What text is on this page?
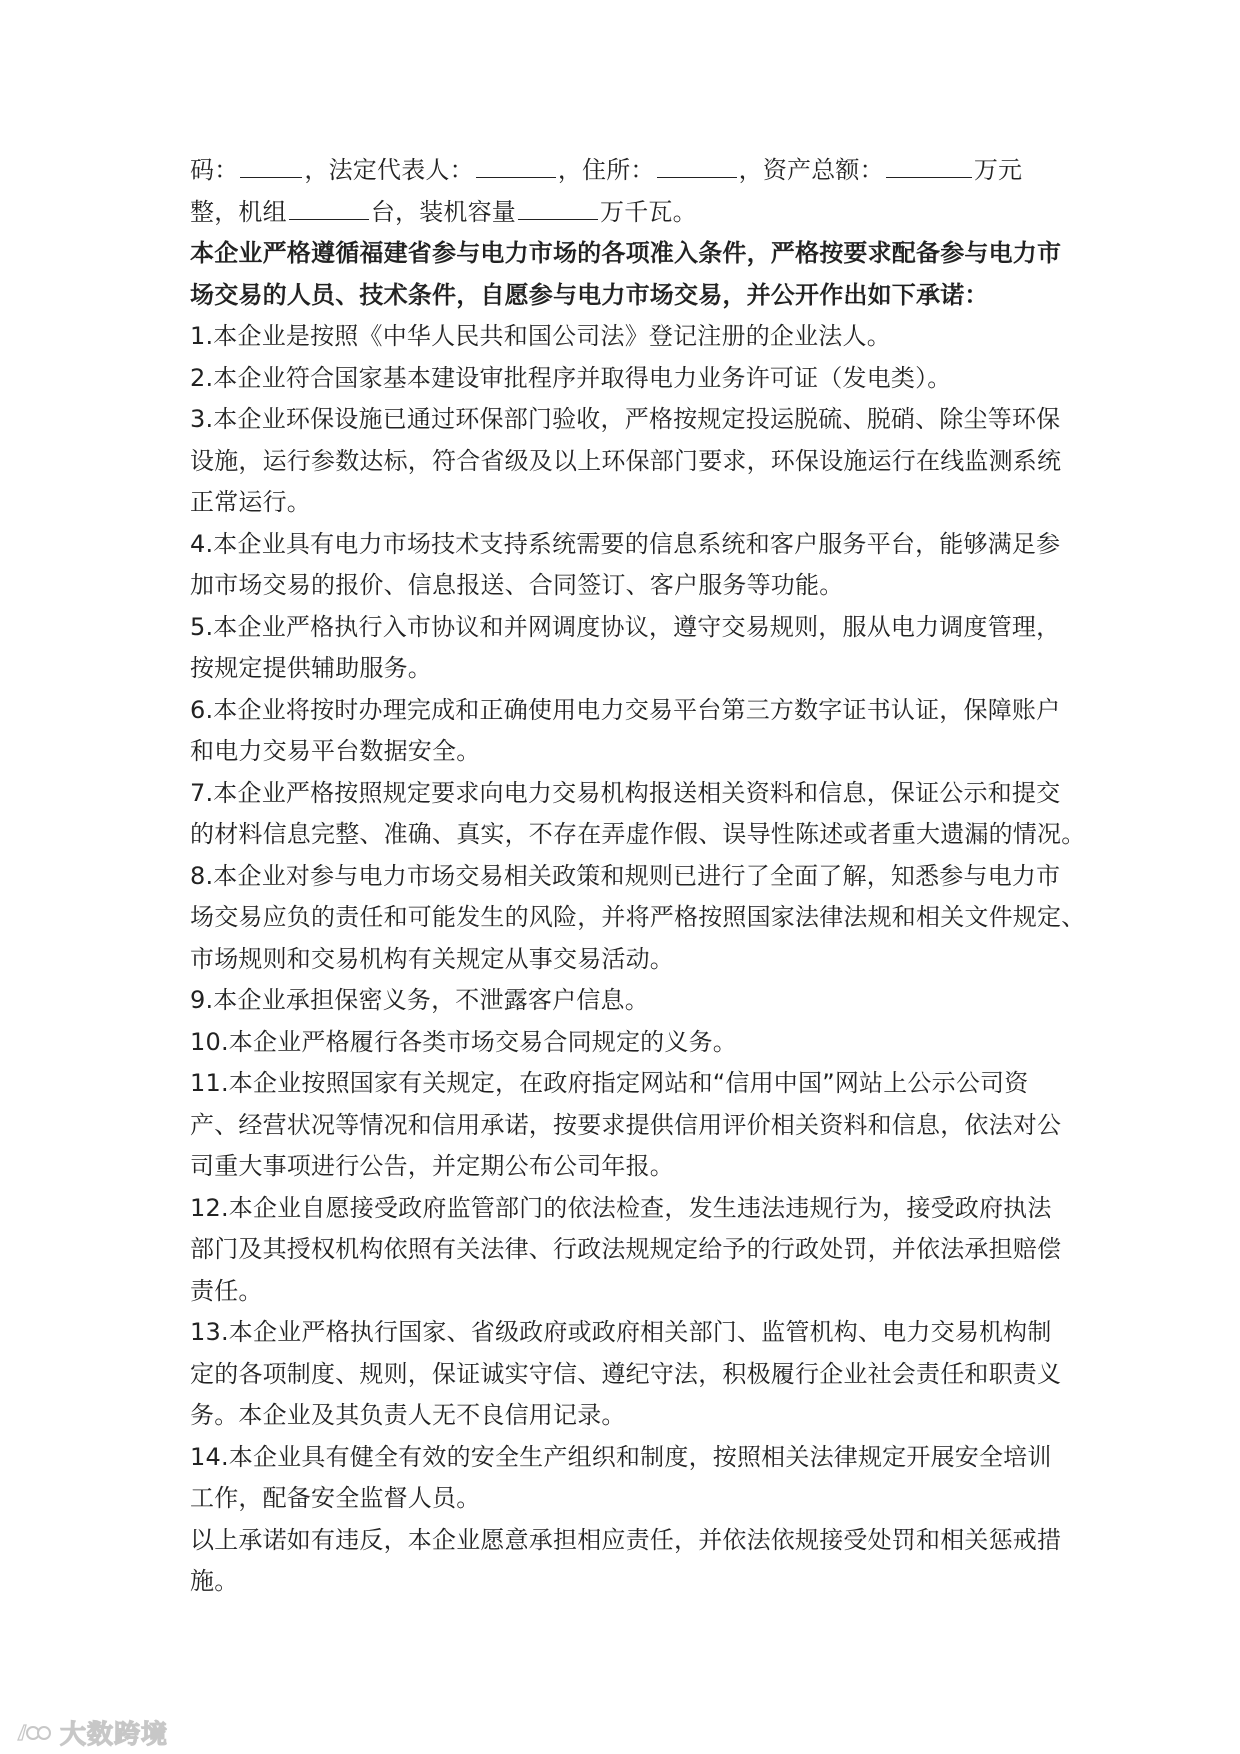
码：	，法定代表人：	，住所：	，资产总额：	万元
整，机组	台，装机容量	万千瓦。
本企业严格遵循福建省参与电力市场的各项准入条件，严格按要求配备参与电力市
场交易的人员、技术条件，自愿参与电力市场交易，并公开作出如下承诺：
1.本企业是按照《中华人民共和国公司法》登记注册的企业法人。
2.本企业符合国家基本建设审批程序并取得电力业务许可证（发电类）。
3.本企业环保设施已通过环保部门验收，严格按规定投运脱硫、脱硝、除尘等环保
设施，运行参数达标，符合省级及以上环保部门要求，环保设施运行在线监测系统
正常运行。
4.本企业具有电力市场技术支持系统需要的信息系统和客户服务平台，能够满足参
加市场交易的报价、信息报送、合同签订、客户服务等功能。
5.本企业严格执行入市协议和并网调度协议，遵守交易规则，服从电力调度管理，
按规定提供辅助服务。
6.本企业将按时办理完成和正确使用电力交易平台第三方数字证书认证，保障账户
和电力交易平台数据安全。
7.本企业严格按照规定要求向电力交易机构报送相关资料和信息，保证公示和提交
的材料信息完整、准确、真实，不存在弄虚作假、误导性陈述或者重大遗漏的情况。
8.本企业对参与电力市场交易相关政策和规则已进行了全面了解，知悉参与电力市
场交易应负的责任和可能发生的风险，并将严格按照国家法律法规和相关文件规定、
市场规则和交易机构有关规定从事交易活动。
9.本企业承担保密义务，不泄露客户信息。
10.本企业严格履行各类市场交易合同规定的义务。
11.本企业按照国家有关规定，在政府指定网站和“信用中国”网站上公示公司资
产、经营状况等情况和信用承诺，按要求提供信用评价相关资料和信息，依法对公
司重大事项进行公告，并定期公布公司年报。
12.本企业自愿接受政府监管部门的依法检查，发生违法违规行为，接受政府执法
部门及其授权机构依照有关法律、行政法规规定给予的行政处罚，并依法承担赔偿
责任。
13.本企业严格执行国家、省级政府或政府相关部门、监管机构、电力交易机构制
定的各项制度、规则，保证诚实守信、遵纪守法，积极履行企业社会责任和职责义
务。本企业及其负责人无不良信用记录。
14.本企业具有健全有效的安全生产组织和制度，按照相关法律规定开展安全培训
工作，配备安全监督人员。
以上承诺如有违反，本企业愿意承担相应责任，并依法依规接受处罚和相关惩戒措
施。
大数跨境
